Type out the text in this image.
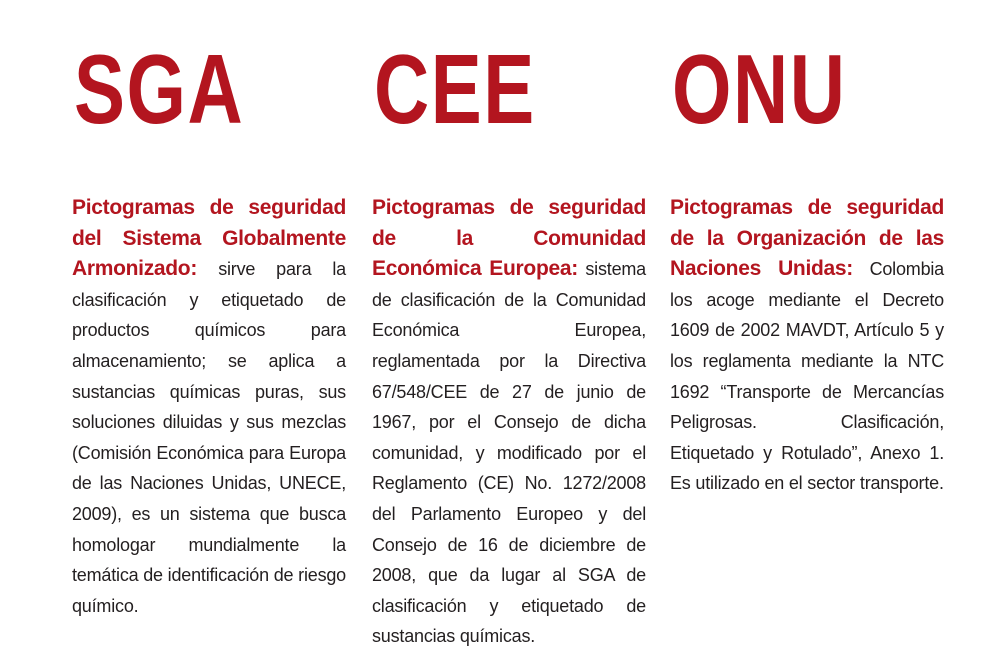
SGA CEE ONU

Pictogramas de seguridad del Sistema Globalmente Armonizado: sirve para la clasificación y etiquetado de productos químicos para almacenamiento; se aplica a sustancias químicas puras, sus soluciones diluidas y sus mezclas (Comisión Económica para Europa de las Naciones Unidas, UNECE, 2009), es un sistema que busca homologar mundialmente la temática de identificación de riesgo químico.

Pictogramas de seguridad de la Comunidad Económica Europea: sistema de clasificación de la Comunidad Económica Europea, reglamentada por la Directiva 67/548/CEE de 27 de junio de 1967, por el Consejo de dicha comunidad, y modificado por el Reglamento (CE) No. 1272/2008 del Parlamento Europeo y del Consejo de 16 de diciembre de 2008, que da lugar al SGA de clasificación y etiquetado de sustancias químicas.

Pictogramas de seguridad de la Organización de las Naciones Unidas: Colombia los acoge mediante el Decreto 1609 de 2002 MAVDT, Artículo 5 y los reglamenta mediante la NTC 1692 “Transporte de Mercancías Peligrosas. Clasificación, Etiquetado y Rotulado”, Anexo 1. Es utilizado en el sector transporte.
